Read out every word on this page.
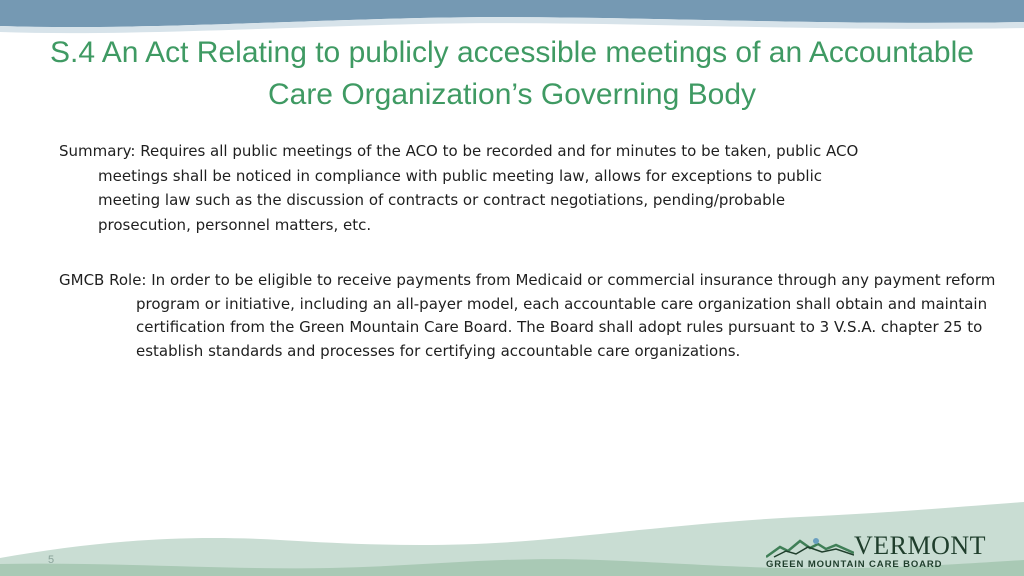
S.4 An Act Relating to publicly accessible meetings of an Accountable Care Organization’s Governing Body

Summary: Requires all public meetings of the ACO to be recorded and for minutes to be taken, public ACO meetings shall be noticed in compliance with public meeting law, allows for exceptions to public meeting law such as the discussion of contracts or contract negotiations, pending/probable prosecution, personnel matters, etc.

GMCB Role: In order to be eligible to receive payments from Medicaid or commercial insurance through any payment reform program or initiative, including an all-payer model, each accountable care organization shall obtain and maintain certification from the Green Mountain Care Board. The Board shall adopt rules pursuant to 3 V.S.A. chapter 25 to establish standards and processes for certifying accountable care organizations.

5	VERMONT
GREEN MOUNTAIN CARE BOARD
